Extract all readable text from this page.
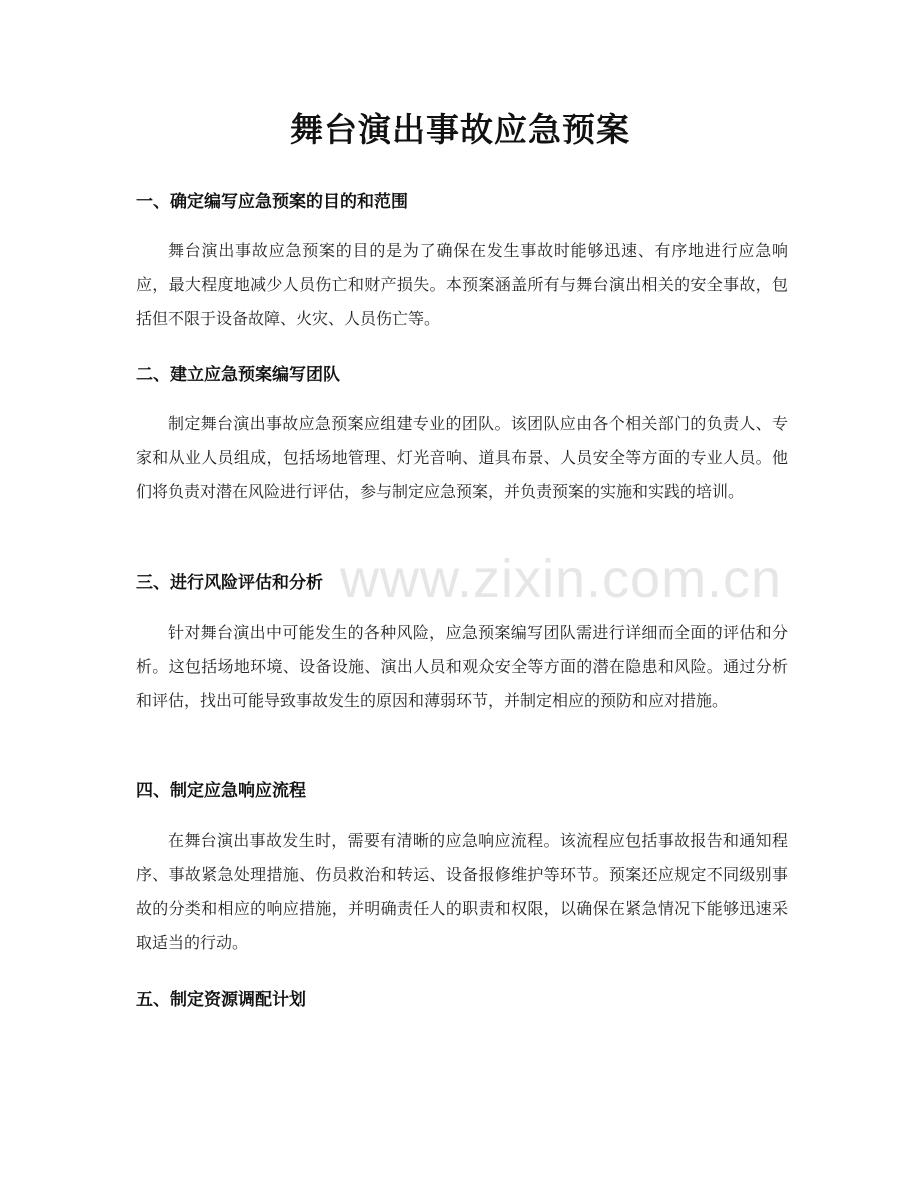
www.zixin.com.cn
舞台演出事故应急预案
一、确定编写应急预案的目的和范围
舞台演出事故应急预案的目的是为了确保在发生事故时能够迅速、有序地进行应急响应，最大程度地减少人员伤亡和财产损失。本预案涵盖所有与舞台演出相关的安全事故，包括但不限于设备故障、火灾、人员伤亡等。
二、建立应急预案编写团队
制定舞台演出事故应急预案应组建专业的团队。该团队应由各个相关部门的负责人、专家和从业人员组成，包括场地管理、灯光音响、道具布景、人员安全等方面的专业人员。他们将负责对潜在风险进行评估，参与制定应急预案，并负责预案的实施和实践的培训。
三、进行风险评估和分析
针对舞台演出中可能发生的各种风险，应急预案编写团队需进行详细而全面的评估和分析。这包括场地环境、设备设施、演出人员和观众安全等方面的潜在隐患和风险。通过分析和评估，找出可能导致事故发生的原因和薄弱环节，并制定相应的预防和应对措施。
四、制定应急响应流程
在舞台演出事故发生时，需要有清晰的应急响应流程。该流程应包括事故报告和通知程序、事故紧急处理措施、伤员救治和转运、设备报修维护等环节。预案还应规定不同级别事故的分类和相应的响应措施，并明确责任人的职责和权限，以确保在紧急情况下能够迅速采取适当的行动。
五、制定资源调配计划
